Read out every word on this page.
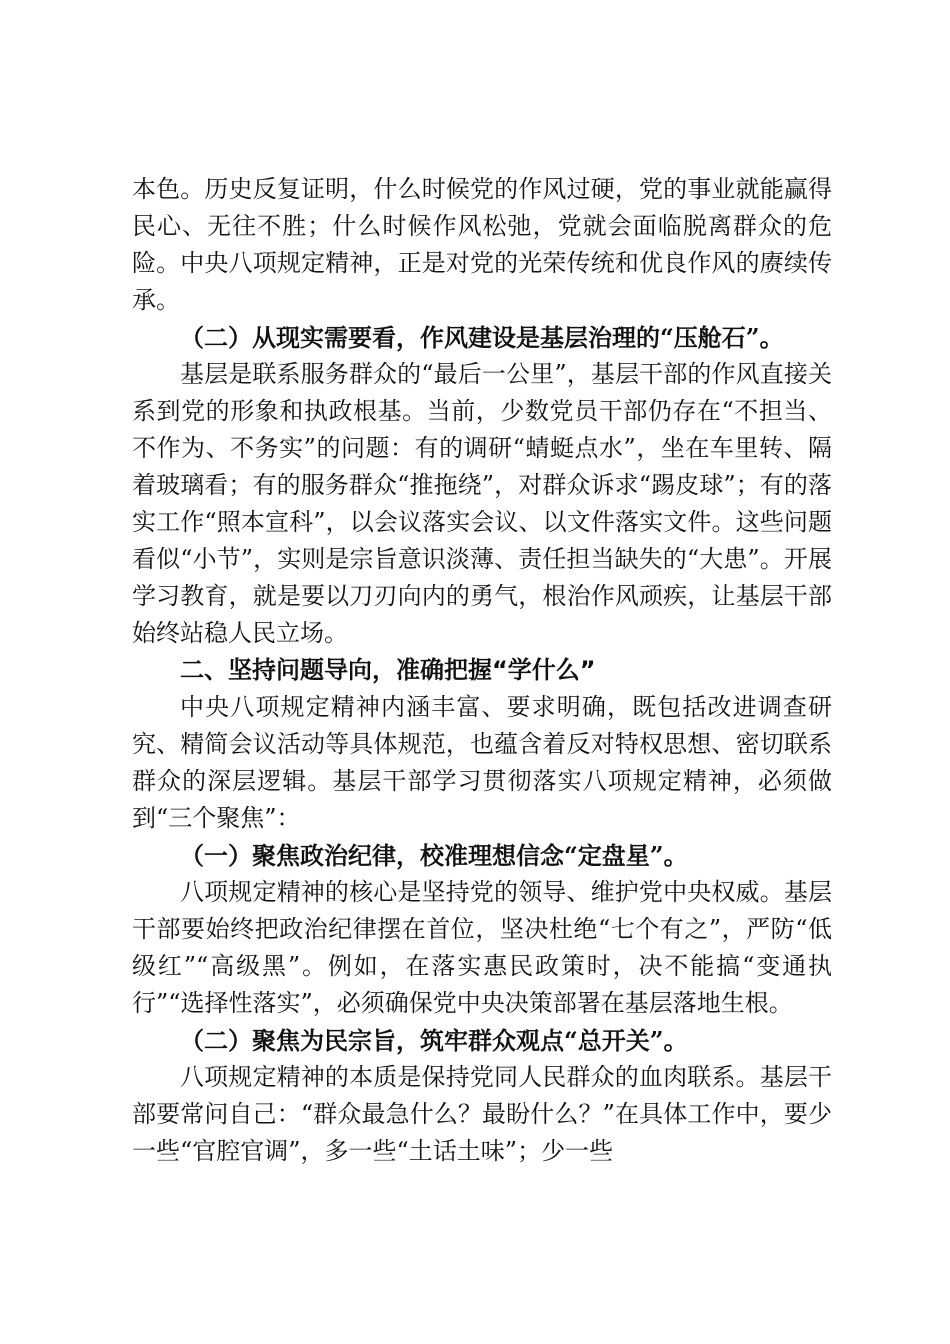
本色。历史反复证明，什么时候党的作风过硬，党的事业就能赢得民心、无往不胜；什么时候作风松弛，党就会面临脱离群众的危险。中央八项规定精神，正是对党的光荣传统和优良作风的赓续传承。

（二）从现实需要看，作风建设是基层治理的“压舱石”。

基层是联系服务群众的“最后一公里”，基层干部的作风直接关系到党的形象和执政根基。当前，少数党员干部仍存在“不担当、不作为、不务实”的问题：有的调研“蜻蜓点水”，坐在车里转、隔着玻璃看；有的服务群众“推拖绕”，对群众诉求“踢皮球”；有的落实工作“照本宣科”，以会议落实会议、以文件落实文件。这些问题看似“小节”，实则是宗旨意识淡薄、责任担当缺失的“大患”。开展学习教育，就是要以刀刃向内的勇气，根治作风顽疾，让基层干部始终站稳人民立场。

二、坚持问题导向，准确把握“学什么”

中央八项规定精神内涵丰富、要求明确，既包括改进调查研究、精简会议活动等具体规范，也蕴含着反对特权思想、密切联系群众的深层逻辑。基层干部学习贯彻落实八项规定精神，必须做到“三个聚焦”：

（一）聚焦政治纪律，校准理想信念“定盘星”。

八项规定精神的核心是坚持党的领导、维护党中央权威。基层干部要始终把政治纪律摆在首位，坚决杜绝“七个有之”，严防“低级红”“高级黑”。例如，在落实惠民政策时，决不能搞“变通执行”“选择性落实”，必须确保党中央决策部署在基层落地生根。

（二）聚焦为民宗旨，筑牢群众观点“总开关”。

八项规定精神的本质是保持党同人民群众的血肉联系。基层干部要常问自己：“群众最急什么？最盼什么？”在具体工作中，要少一些“官腔官调”，多一些“土话土味”；少一些
